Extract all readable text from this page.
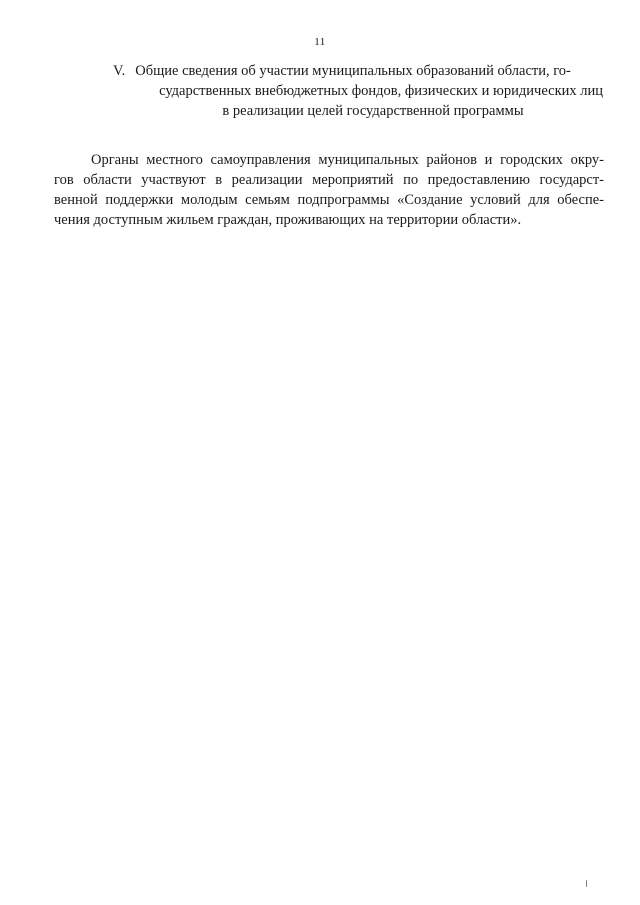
11
V. Общие сведения об участии муниципальных образований области, го-
сударственных внебюджетных фондов, физических и юридических лиц
в реализации целей государственной программы
Органы местного самоуправления муниципальных районов и городских окру-
гов области участвуют в реализации мероприятий по предоставлению государст-
венной поддержки молодым семьям подпрограммы «Создание условий для обеспе-
чения доступным жильем граждан, проживающих на территории области».
